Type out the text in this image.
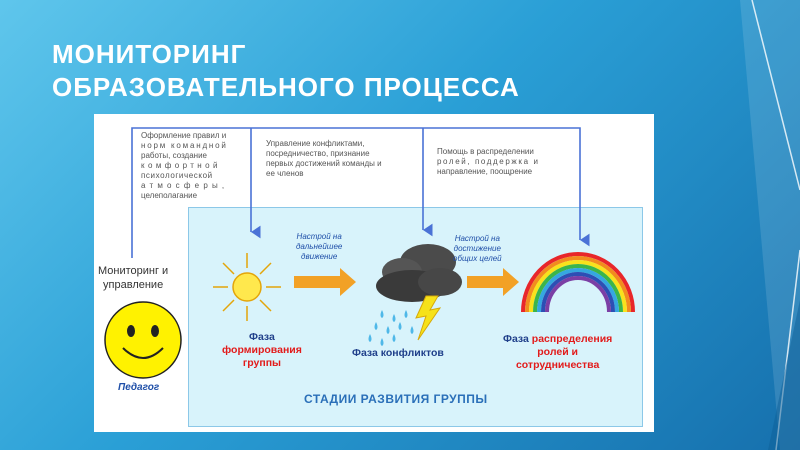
МОНИТОРИНГ
ОБРАЗОВАТЕЛЬНОГО ПРОЦЕССА
Оформление правил и
норм командной
работы, создание
комфортной
психологической
атмосферы,
целеполагание
Управление конфликтами,
посредничество, признание
первых достижений команды и
ее членов
Помощь в распределении
ролей, поддержка и
направление, поощрение
Настрой на
дальнейшее
движение
Настрой на
достижение
общих целей
Фаза
формирования
группы
Фаза конфликтов
Фаза распределения
ролей и
сотрудничества
Мониторинг и
управление
Педагог
СТАДИИ РАЗВИТИЯ ГРУППЫ
